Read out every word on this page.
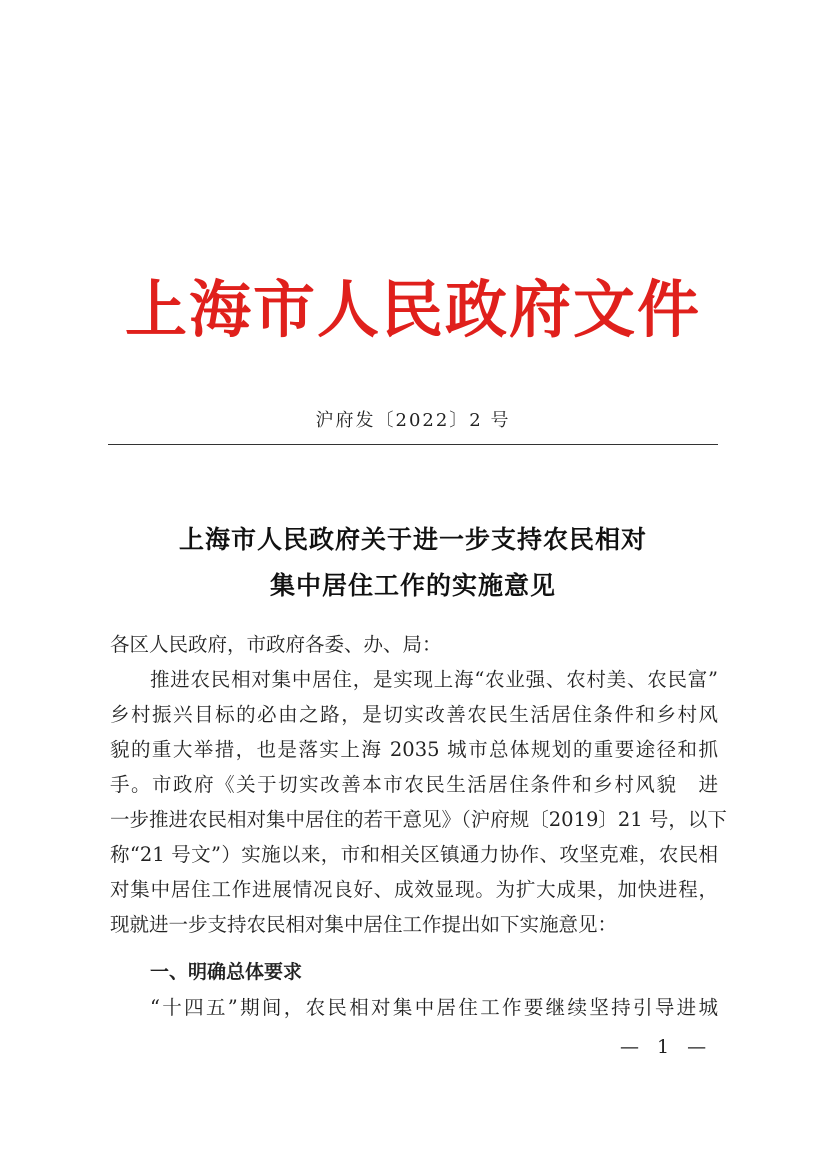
上海市人民政府文件
沪府发〔2022〕2 号
上海市人民政府关于进一步支持农民相对
集中居住工作的实施意见
各区人民政府，市政府各委、办、局：
推进农民相对集中居住，是实现上海“农业强、农村美、农民富”
乡村振兴目标的必由之路，是切实改善农民生活居住条件和乡村风
貌的重大举措，也是落实上海 2035 城市总体规划的重要途径和抓
手。市政府《关于切实改善本市农民生活居住条件和乡村风貌　进
一步推进农民相对集中居住的若干意见》（沪府规〔2019〕21 号，以下
称“21 号文”）实施以来，市和相关区镇通力协作、攻坚克难，农民相
对集中居住工作进展情况良好、成效显现。为扩大成果，加快进程，
现就进一步支持农民相对集中居住工作提出如下实施意见：
一、明确总体要求
“十四五”期间，农民相对集中居住工作要继续坚持引导进城
— 1 —
